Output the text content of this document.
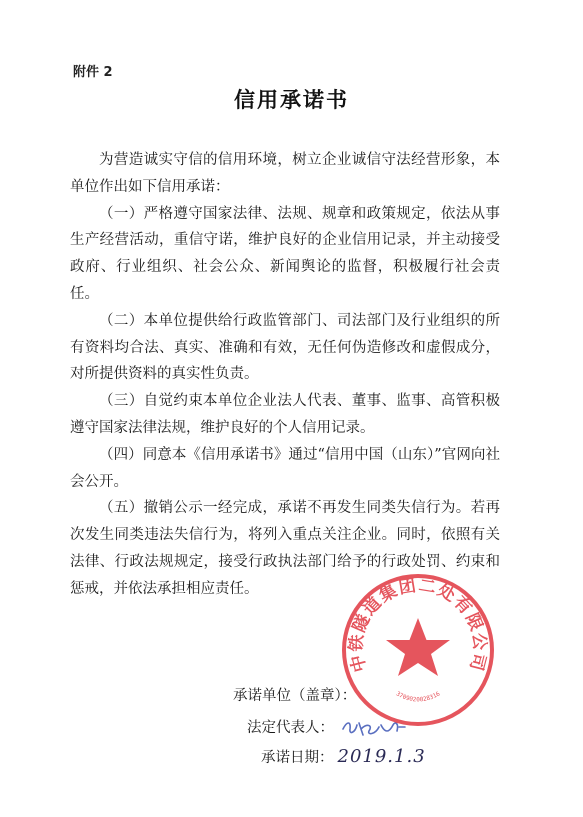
附件 2
信用承诺书

为营造诚实守信的信用环境，树立企业诚信守法经营形象，本单位作出如下信用承诺：

（一）严格遵守国家法律、法规、规章和政策规定，依法从事生产经营活动，重信守诺，维护良好的企业信用记录，并主动接受政府、行业组织、社会公众、新闻舆论的监督，积极履行社会责任。

（二）本单位提供给行政监管部门、司法部门及行业组织的所有资料均合法、真实、准确和有效，无任何伪造修改和虚假成分，对所提供资料的真实性负责。

（三）自觉约束本单位企业法人代表、董事、监事、高管积极遵守国家法律法规，维护良好的个人信用记录。

（四）同意本《信用承诺书》通过“信用中国（山东）”官网向社会公开。

（五）撤销公示一经完成，承诺不再发生同类失信行为。若再次发生同类违法失信行为，将列入重点关注企业。同时，依照有关法律、行政法规规定，接受行政执法部门给予的行政处罚、约束和惩戒，并依法承担相应责任。

承诺单位（盖章）：
法定代表人：
承诺日期： 2019.1.3
中铁隧道集团二处有限公司
3709020028316
